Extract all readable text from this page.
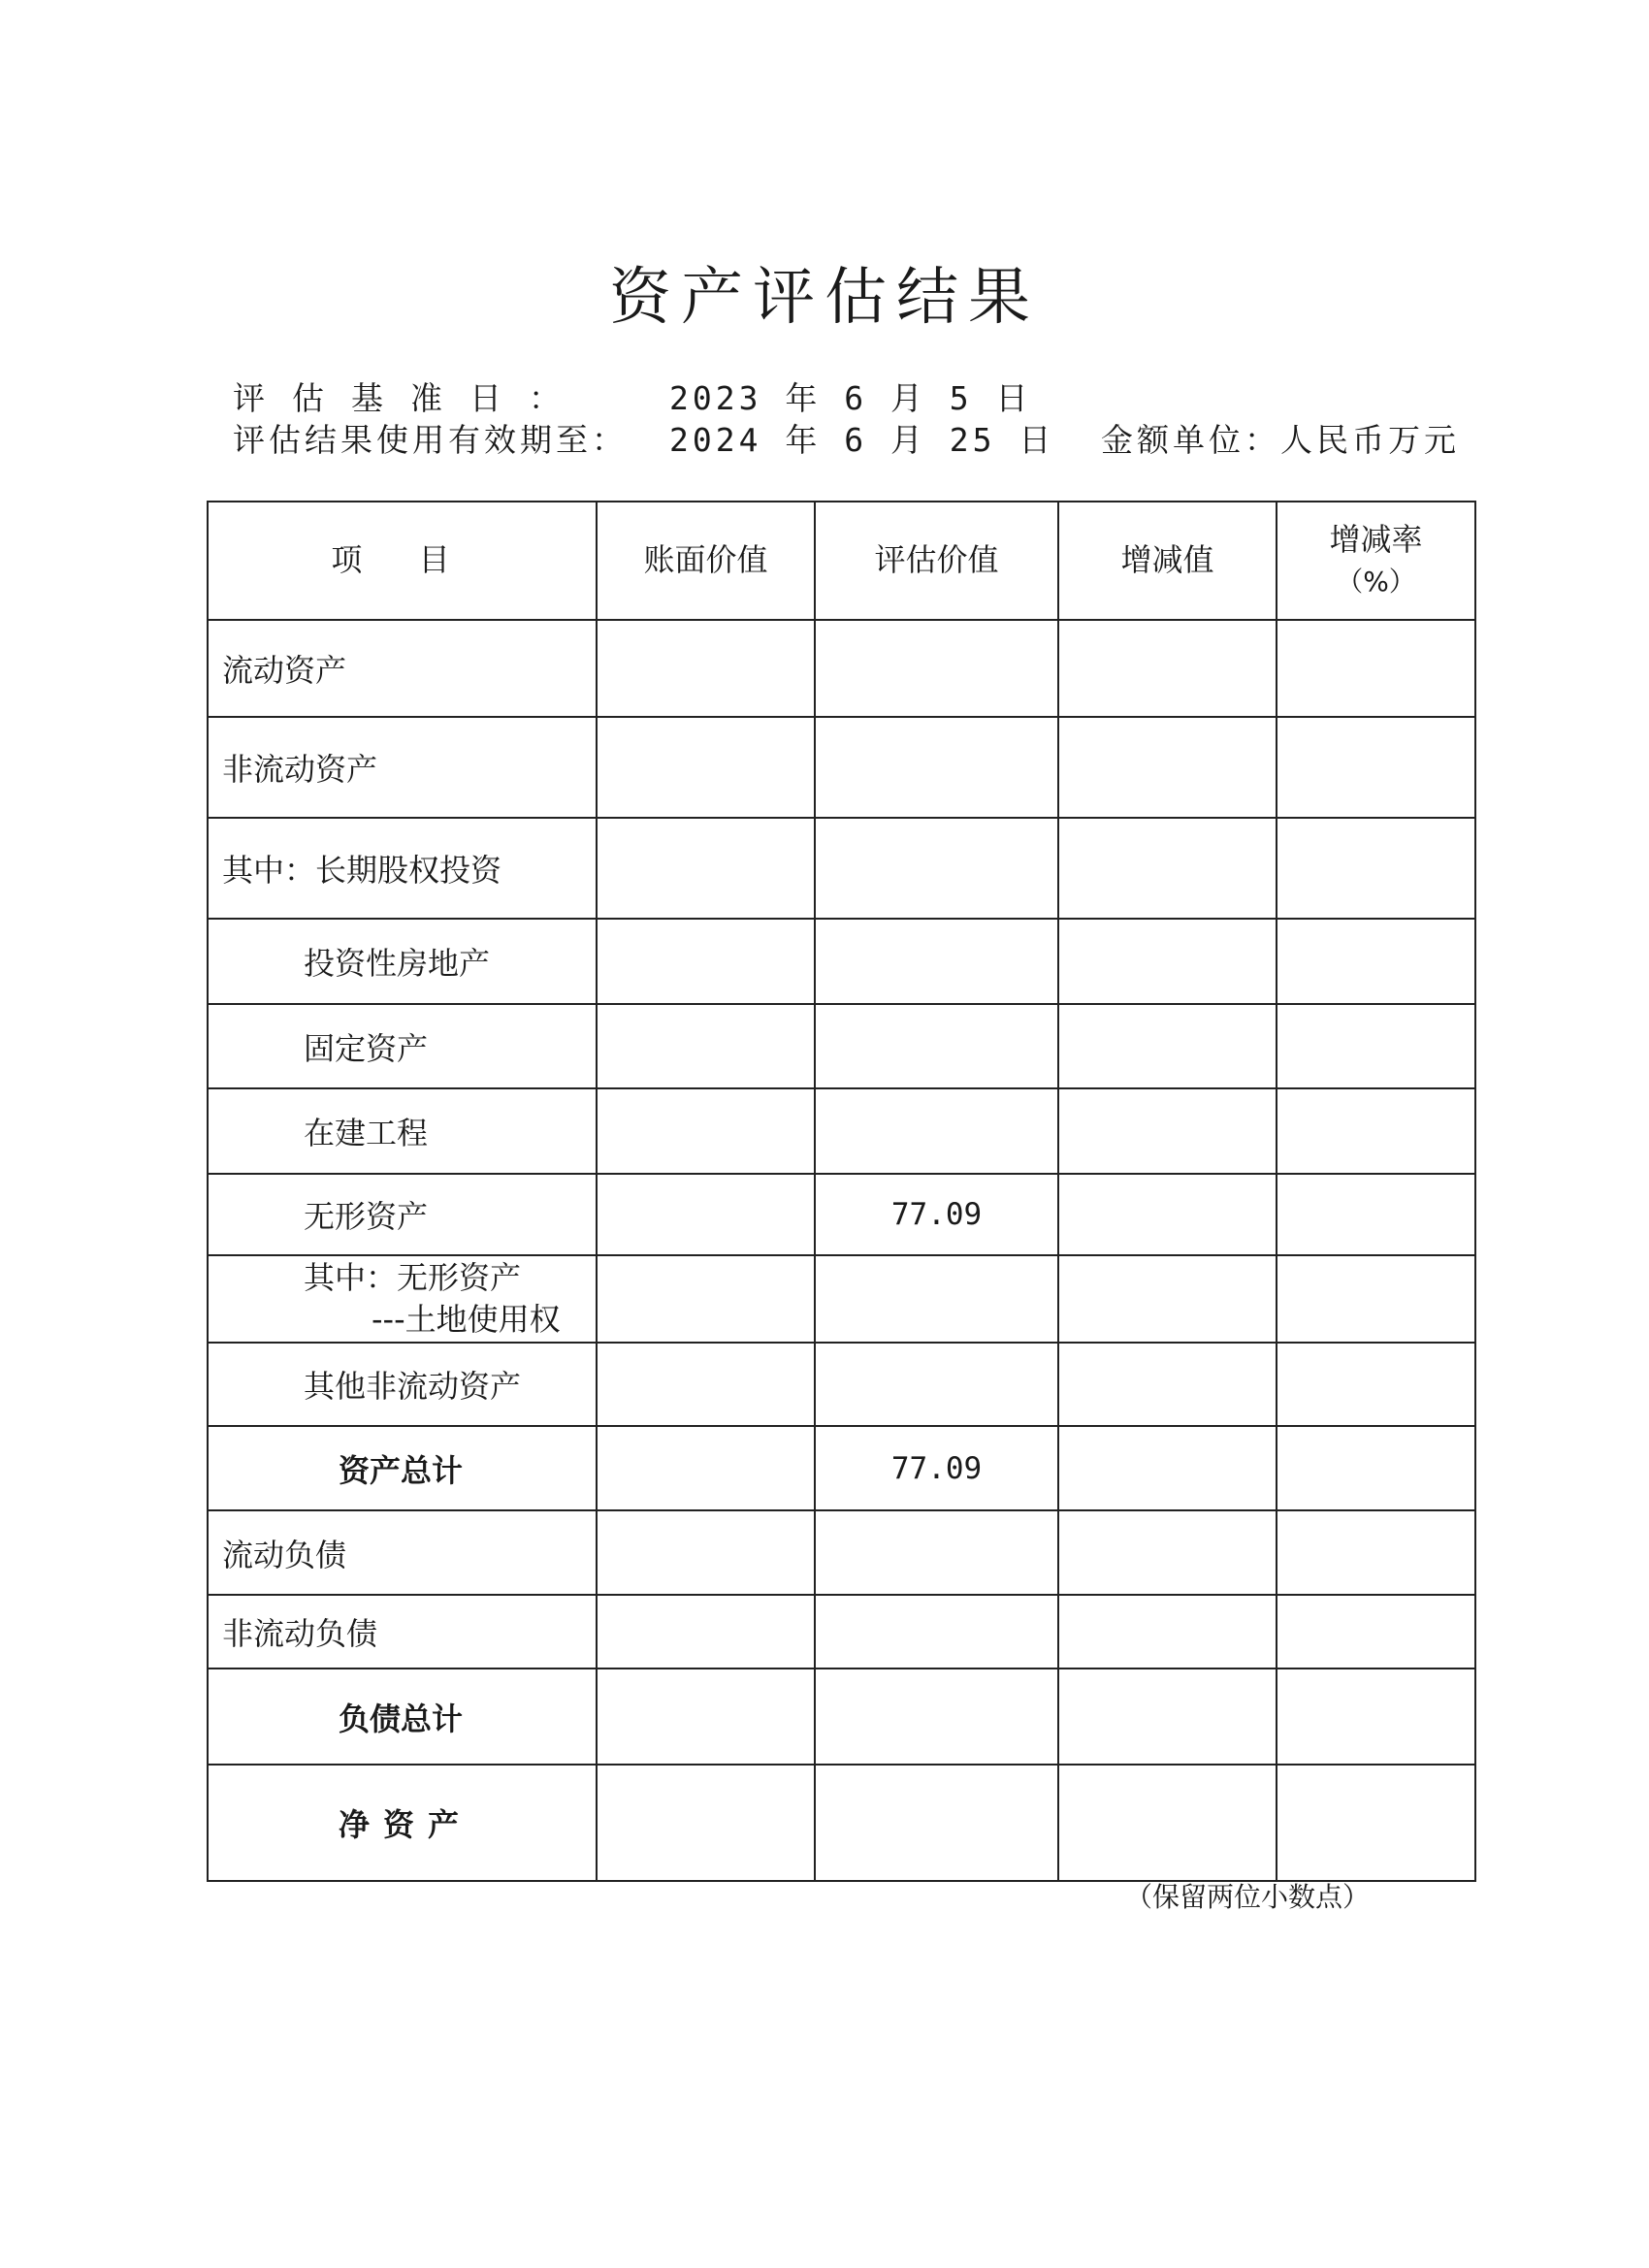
资产评估结果
评估基准日：	2023 年 6 月 5 日
评估结果使用有效期至： 2024 年 6 月 25 日 金额单位：人民币万元
项 目	账面价值	评估价值	增减值	增减率
（%）
流动资产				
非流动资产				
其中：长期股权投资				
投资性房地产				
固定资产				
在建工程				
无形资产		77.09		
其中：无形资产

---土地使用权				

其他非流动资产				
资产总计		77.09		
流动负债				
非流动负债				
负债总计				
净资产				
（保留两位小数点）
